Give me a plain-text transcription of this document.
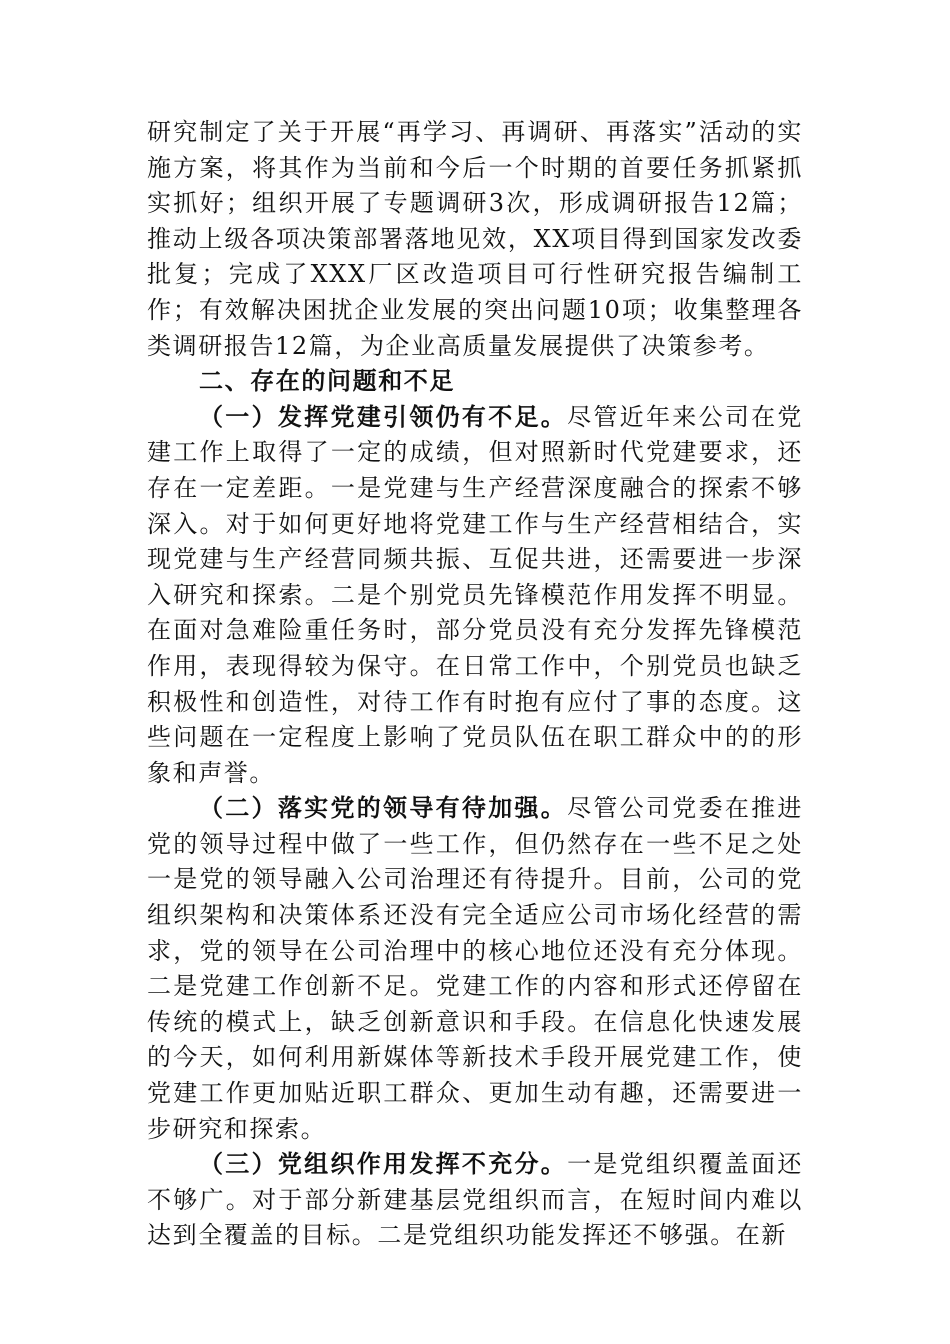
研究制定了关于开展“再学习、再调研、再落实”活动的实施方案，将其作为当前和今后一个时期的首要任务抓紧抓实抓好；组织开展了专题调研3次，形成调研报告12篇；推动上级各项决策部署落地见效，XX项目得到国家发改委批复；完成了XXX厂区改造项目可行性研究报告编制工作；有效解决困扰企业发展的突出问题10项；收集整理各类调研报告12篇，为企业高质量发展提供了决策参考。

二、存在的问题和不足

（一）发挥党建引领仍有不足。尽管近年来公司在党建工作上取得了一定的成绩，但对照新时代党建要求，还存在一定差距。一是党建与生产经营深度融合的探索不够深入。对于如何更好地将党建工作与生产经营相结合，实现党建与生产经营同频共振、互促共进，还需要进一步深入研究和探索。二是个别党员先锋模范作用发挥不明显。在面对急难险重任务时，部分党员没有充分发挥先锋模范作用，表现得较为保守。在日常工作中，个别党员也缺乏积极性和创造性，对待工作有时抱有应付了事的态度。这些问题在一定程度上影响了党员队伍在职工群众中的的形象和声誉。

（二）落实党的领导有待加强。尽管公司党委在推进党的领导过程中做了一些工作，但仍然存在一些不足之处一是党的领导融入公司治理还有待提升。目前，公司的党组织架构和决策体系还没有完全适应公司市场化经营的需求，党的领导在公司治理中的核心地位还没有充分体现。二是党建工作创新不足。党建工作的内容和形式还停留在传统的模式上，缺乏创新意识和手段。在信息化快速发展的今天，如何利用新媒体等新技术手段开展党建工作，使党建工作更加贴近职工群众、更加生动有趣，还需要进一步研究和探索。

（三）党组织作用发挥不充分。一是党组织覆盖面还不够广。对于部分新建基层党组织而言，在短时间内难以达到全覆盖的目标。二是党组织功能发挥还不够强。在新
